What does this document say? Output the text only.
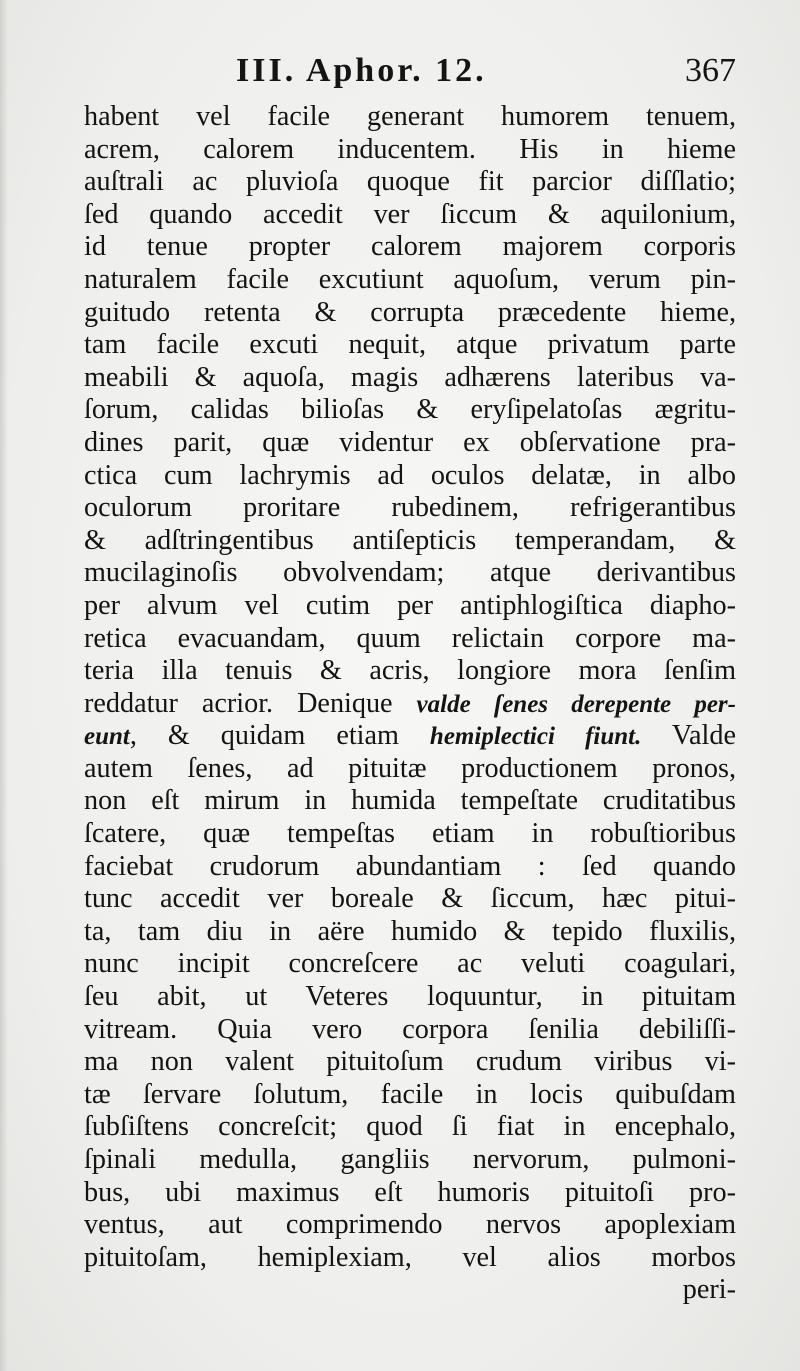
III. Aphor. 12.	367
habent vel facile generant humorem tenuem,
acrem, calorem inducentem. His in hieme
auſtrali ac pluvioſa quoque fit parcior diſſlatio;
ſed quando accedit ver ſiccum & aquilonium,
id tenue propter calorem majorem corporis
naturalem facile excutiunt aquoſum, verum pin-
guitudo retenta & corrupta præcedente hieme,
tam facile excuti nequit, atque privatum parte
meabili & aquoſa, magis adhærens lateribus va-
ſorum, calidas bilioſas & eryſipelatoſas ægritu-
dines parit, quæ videntur ex obſervatione pra-
ctica cum lachrymis ad oculos delatæ, in albo
oculorum proritare rubedinem, refrigerantibus
& adſtringentibus antiſepticis temperandam, &
mucilaginoſis obvolvendam; atque derivantibus
per alvum vel cutim per antiphlogiſtica diapho-
retica evacuandam, quum relictain corpore ma-
teria illa tenuis & acris, longiore mora ſenſim
reddatur acrior. Denique valde ſenes derepente per-
eunt, & quidam etiam hemiplectici fiunt. Valde
autem ſenes, ad pituitæ productionem pronos,
non eſt mirum in humida tempeſtate cruditatibus
ſcatere, quæ tempeſtas etiam in robuſtioribus
faciebat crudorum abundantiam : ſed quando
tunc accedit ver boreale & ſiccum, hæc pitui-
ta, tam diu in aëre humido & tepido fluxilis,
nunc incipit concreſcere ac veluti coagulari,
ſeu abit, ut Veteres loquuntur, in pituitam
vitream. Quia vero corpora ſenilia debiliſſi-
ma non valent pituitoſum crudum viribus vi-
tæ ſervare ſolutum, facile in locis quibuſdam
ſubſiſtens concreſcit; quod ſi fiat in encephalo,
ſpinali medulla, gangliis nervorum, pulmoni-
bus, ubi maximus eſt humoris pituitoſi pro-
ventus, aut comprimendo nervos apoplexiam
pituitoſam, hemiplexiam, vel alios morbos
peri-
